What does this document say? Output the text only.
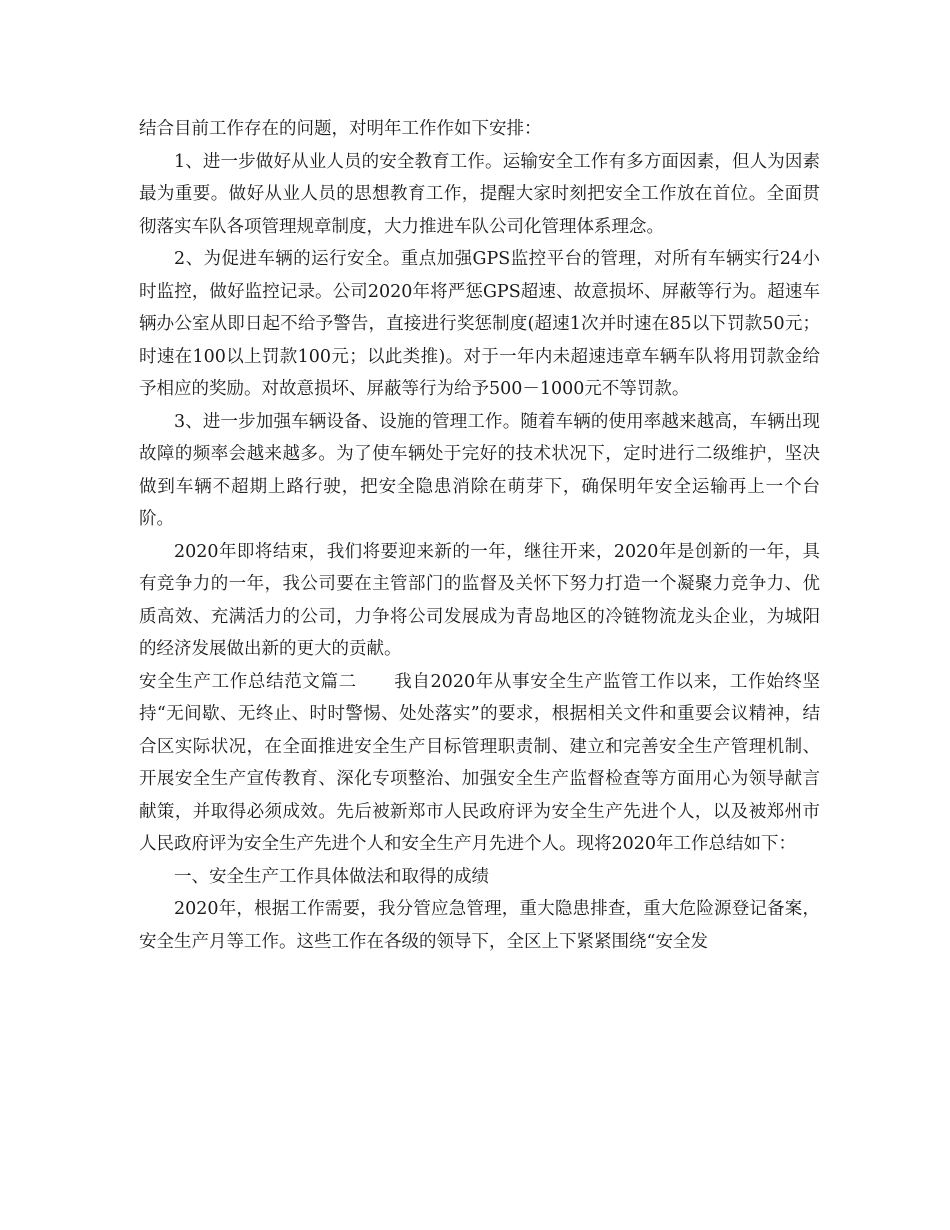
结合目前工作存在的问题，对明年工作作如下安排：

1、进一步做好从业人员的安全教育工作。运输安全工作有多方面因素，但人为因素最为重要。做好从业人员的思想教育工作，提醒大家时刻把安全工作放在首位。全面贯彻落实车队各项管理规章制度，大力推进车队公司化管理体系理念。

2、为促进车辆的运行安全。重点加强GPS监控平台的管理，对所有车辆实行24小时监控，做好监控记录。公司2020年将严惩GPS超速、故意损坏、屏蔽等行为。超速车辆办公室从即日起不给予警告，直接进行奖惩制度(超速1次并时速在85以下罚款50元；时速在100以上罚款100元；以此类推)。对于一年内未超速违章车辆车队将用罚款金给予相应的奖励。对故意损坏、屏蔽等行为给予500－1000元不等罚款。

3、进一步加强车辆设备、设施的管理工作。随着车辆的使用率越来越高，车辆出现故障的频率会越来越多。为了使车辆处于完好的技术状况下，定时进行二级维护，坚决做到车辆不超期上路行驶，把安全隐患消除在萌芽下，确保明年安全运输再上一个台阶。

2020年即将结束，我们将要迎来新的一年，继往开来，2020年是创新的一年，具有竞争力的一年，我公司要在主管部门的监督及关怀下努力打造一个凝聚力竞争力、优质高效、充满活力的公司，力争将公司发展成为青岛地区的冷链物流龙头企业，为城阳的经济发展做出新的更大的贡献。

安全生产工作总结范文篇二 我自2020年从事安全生产监管工作以来，工作始终坚持“无间歇、无终止、时时警惕、处处落实”的要求，根据相关文件和重要会议精神，结合区实际状况，在全面推进安全生产目标管理职责制、建立和完善安全生产管理机制、开展安全生产宣传教育、深化专项整治、加强安全生产监督检查等方面用心为领导献言献策，并取得必须成效。先后被新郑市人民政府评为安全生产先进个人，以及被郑州市人民政府评为安全生产先进个人和安全生产月先进个人。现将2020年工作总结如下：

一、安全生产工作具体做法和取得的成绩

2020年，根据工作需要，我分管应急管理，重大隐患排查，重大危险源登记备案，安全生产月等工作。这些工作在各级的领导下，全区上下紧紧围绕“安全发
